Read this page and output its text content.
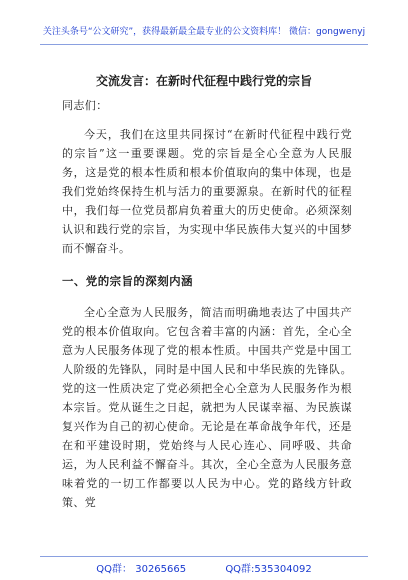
关注头条号“公文研究”，获得最新最全最专业的公文资料库！ 微信：gongwenyj
交流发言：在新时代征程中践行党的宗旨

同志们：

今天，我们在这里共同探讨“在新时代征程中践行党的宗旨”这一重要课题。党的宗旨是全心全意为人民服务，这是党的根本性质和根本价值取向的集中体现，也是我们党始终保持生机与活力的重要源泉。在新时代的征程中，我们每一位党员都肩负着重大的历史使命。必须深刻认识和践行党的宗旨，为实现中华民族伟大复兴的中国梦而不懈奋斗。

一、党的宗旨的深刻内涵

全心全意为人民服务，简洁而明确地表达了中国共产党的根本价值取向。它包含着丰富的内涵：首先，全心全意为人民服务体现了党的根本性质。中国共产党是中国工人阶级的先锋队，同时是中国人民和中华民族的先锋队。党的这一性质决定了党必须把全心全意为人民服务作为根本宗旨。党从诞生之日起，就把为人民谋幸福、为民族谋复兴作为自己的初心使命。无论是在革命战争年代，还是在和平建设时期，党始终与人民心连心、同呼吸、共命运，为人民利益不懈奋斗。其次，全心全意为人民服务意味着党的一切工作都要以人民为中心。党的路线方针政策、党

QQ群： 30265665	QQ群:535304092
